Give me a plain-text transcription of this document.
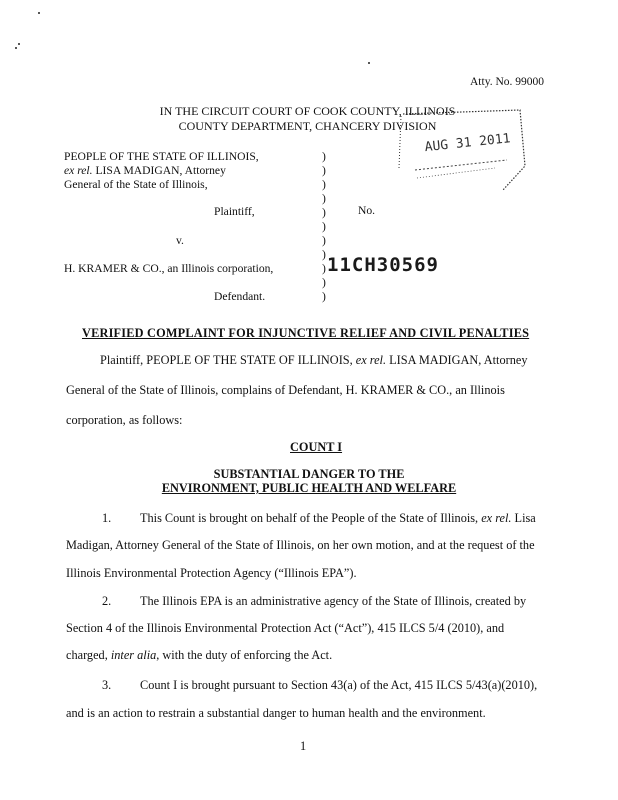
Atty. No. 99000
IN THE CIRCUIT COURT OF COOK COUNTY, ILLINOIS
COUNTY DEPARTMENT, CHANCERY DIVISION
AUG 31 2011
PEOPLE OF THE STATE OF ILLINOIS,
ex rel. LISA MADIGAN, Attorney
General of the State of Illinois,
Plaintiff,
v.
H. KRAMER & CO., an Illinois corporation,
Defendant.
)
)
)
)
)
)
)
)
)
)
)
No.
11CH30569
VERIFIED COMPLAINT FOR INJUNCTIVE RELIEF AND CIVIL PENALTIES
Plaintiff, PEOPLE OF THE STATE OF ILLINOIS, ex rel. LISA MADIGAN, Attorney
General of the State of Illinois, complains of Defendant, H. KRAMER & CO., an Illinois
corporation, as follows:
COUNT I
SUBSTANTIAL DANGER TO THE
ENVIRONMENT, PUBLIC HEALTH AND WELFARE
1. This Count is brought on behalf of the People of the State of Illinois, ex rel. Lisa
Madigan, Attorney General of the State of Illinois, on her own motion, and at the request of the
Illinois Environmental Protection Agency (“Illinois EPA”).
2. The Illinois EPA is an administrative agency of the State of Illinois, created by
Section 4 of the Illinois Environmental Protection Act (“Act”), 415 ILCS 5/4 (2010), and
charged, inter alia, with the duty of enforcing the Act.
3. Count I is brought pursuant to Section 43(a) of the Act, 415 ILCS 5/43(a)(2010),
and is an action to restrain a substantial danger to human health and the environment.
1
